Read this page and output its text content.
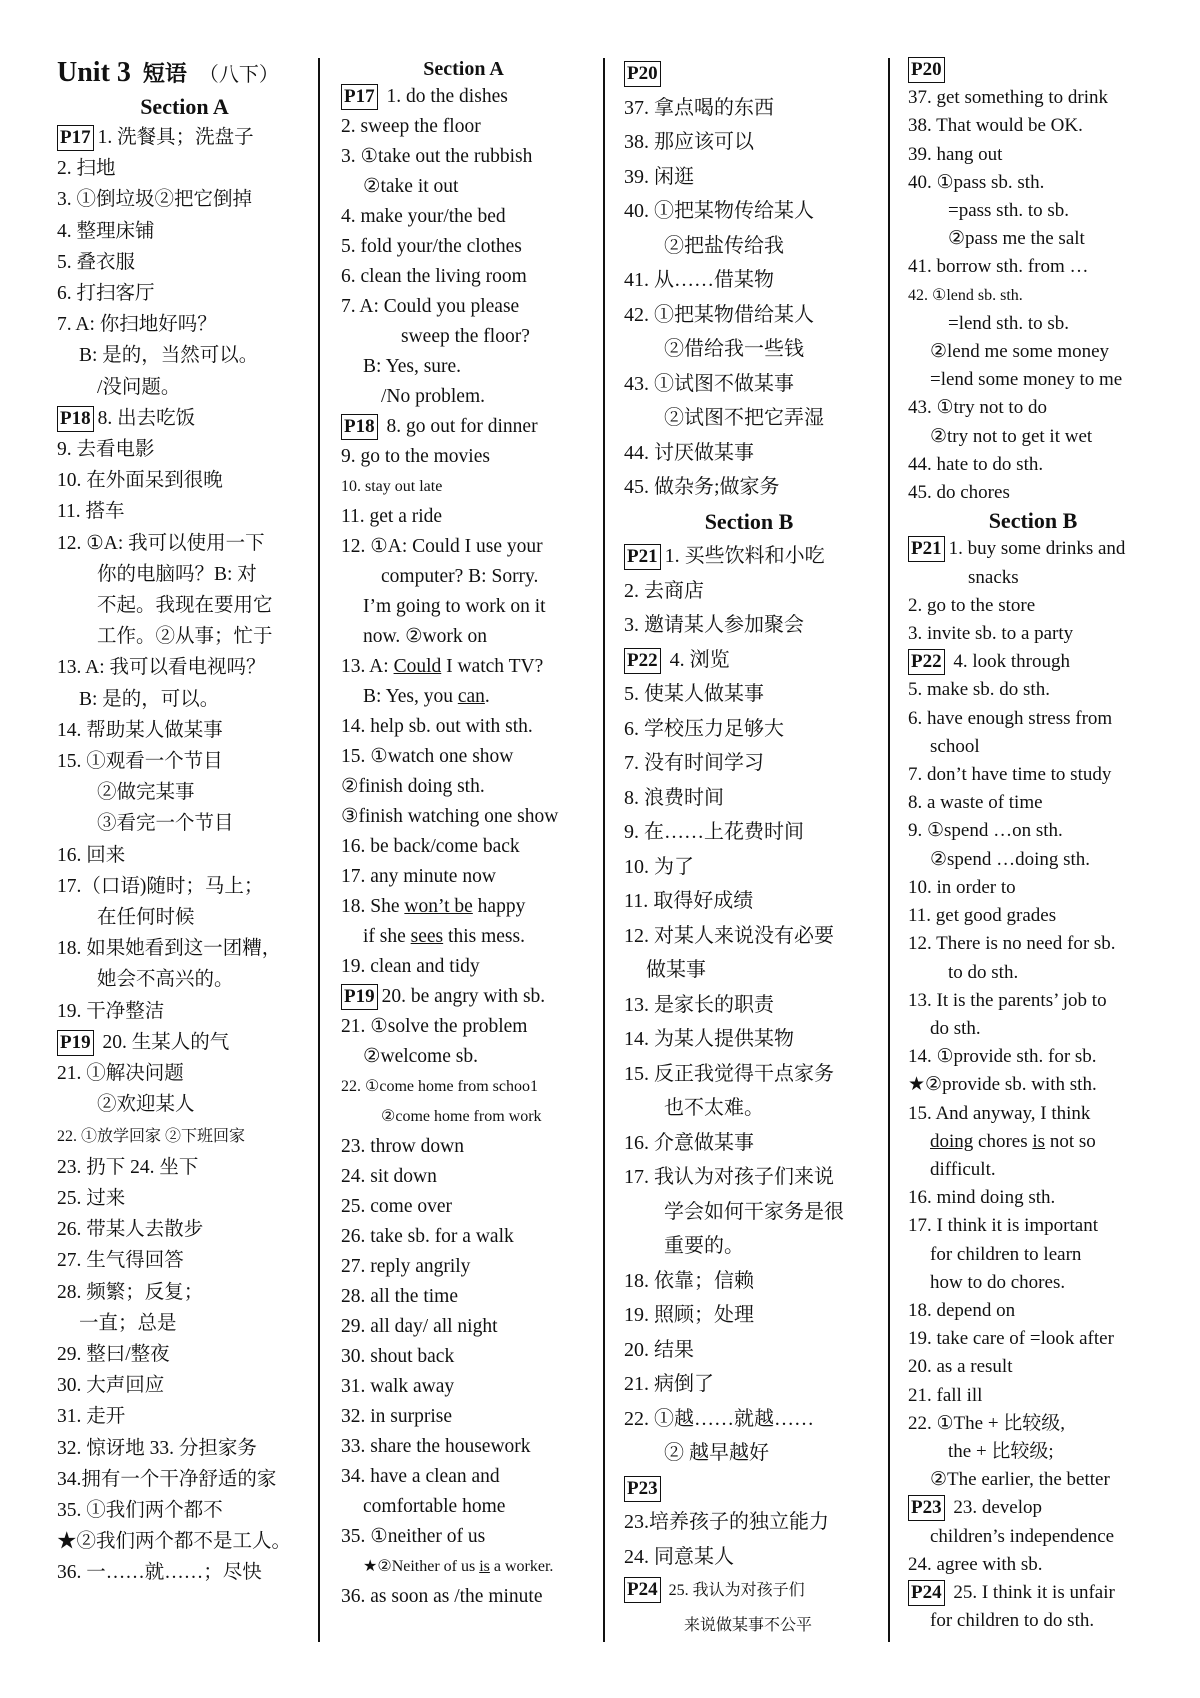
Unit 3 短语 （八下）
Section A
P17 1. 洗餐具；洗盘子
2. 扫地
3. ①倒垃圾②把它倒掉
4. 整理床铺
5. 叠衣服
6. 打扫客厅
7. A: 你扫地好吗？
B: 是的，当然可以。
/没问题。
P18 8. 出去吃饭
9. 去看电影
10. 在外面呆到很晚
11. 搭车
12. ①A: 我可以使用一下
你的电脑吗？B: 对
不起。我现在要用它
工作。②从事；忙于
13. A: 我可以看电视吗？
B: 是的，可以。
14. 帮助某人做某事
15. ①观看一个节目
②做完某事
③看完一个节目
16. 回来
17.（口语)随时；马上；
在任何时候
18. 如果她看到这一团糟，
她会不高兴的。
19. 干净整洁
P19 20. 生某人的气
21. ①解决问题
②欢迎某人
22. ①放学回家 ②下班回家
23. 扔下 24. 坐下
25. 过来
26. 带某人去散步
27. 生气得回答
28. 频繁；反复；
一直；总是
29. 整曰/整夜
30. 大声回应
31. 走开
32. 惊讶地 33. 分担家务
34.拥有一个干净舒适的家
35. ①我们两个都不
★②我们两个都不是工人。
36. 一……就……；尽快
Section A
P17 1. do the dishes
2. sweep the floor
3. ①take out the rubbish
②take it out
4. make your/the bed
5. fold your/the clothes
6. clean the living room
7. A: Could you please
sweep the floor?
B: Yes, sure.
/No problem.
P18 8. go out for dinner
9. go to the movies
10. stay out late
11. get a ride
12. ①A: Could I use your
computer? B: Sorry.
I’m going to work on it
now. ②work on
13. A: Could I watch TV?
B: Yes, you can.
14. help sb. out with sth.
15. ①watch one show
②finish doing sth.
③finish watching one show
16. be back/come back
17. any minute now
18. She won’t be happy
if she sees this mess.
19. clean and tidy
P19 20. be angry with sb.
21. ①solve the problem
②welcome sb.
22. ①come home from schoo1
②come home from work
23. throw down
24. sit down
25. come over
26. take sb. for a walk
27. reply angrily
28. all the time
29. all day/ all night
30. shout back
31. walk away
32. in surprise
33. share the housework
34. have a clean and
comfortable home
35. ①neither of us
★②Neither of us is a worker.
36. as soon as /the minute
P20
37. 拿点喝的东西
38. 那应该可以
39. 闲逛
40. ①把某物传给某人
②把盐传给我
41. 从……借某物
42. ①把某物借给某人
②借给我一些钱
43. ①试图不做某事
②试图不把它弄湿
44. 讨厌做某事
45. 做杂务;做家务
Section B
P21 1. 买些饮料和小吃
2. 去商店
3. 邀请某人参加聚会
P22 4. 浏览
5. 使某人做某事
6. 学校压力足够大
7. 没有时间学习
8. 浪费时间
9. 在……上花费时间
10. 为了
11. 取得好成绩
12. 对某人来说没有必要
做某事
13. 是家长的职责
14. 为某人提供某物
15. 反正我觉得干点家务
也不太难。
16. 介意做某事
17. 我认为对孩子们来说
学会如何干家务是很
重要的。
18. 依靠；信赖
19. 照顾；处理
20. 结果
21. 病倒了
22. ①越……就越……
② 越早越好
P23
23.培养孩子的独立能力
24. 同意某人
P24 25. 我认为对孩子们
来说做某事不公平
P20
37. get something to drink
38. That would be OK.
39. hang out
40. ①pass sb. sth.
=pass sth. to sb.
②pass me the salt
41. borrow sth. from …
42. ①lend sb. sth.
=lend sth. to sb.
②lend me some money
=lend some money to me
43. ①try not to do
②try not to get it wet
44. hate to do sth.
45. do chores
Section B
P21 1. buy some drinks and
snacks
2. go to the store
3. invite sb. to a party
P22 4. look through
5. make sb. do sth.
6. have enough stress from
school
7. don’t have time to study
8. a waste of time
9. ①spend …on sth.
②spend …doing sth.
10. in order to
11. get good grades
12. There is no need for sb.
to do sth.
13. It is the parents’ job to
do sth.
14. ①provide sth. for sb.
★②provide sb. with sth.
15. And anyway, I think
doing chores is not so
difficult.
16. mind doing sth.
17. I think it is important
for children to learn
how to do chores.
18. depend on
19. take care of =look after
20. as a result
21. fall ill
22. ①The + 比较级,
the + 比较级;
②The earlier, the better
P23 23. develop
children’s independence
24. agree with sb.
P24 25. I think it is unfair
for children to do sth.
